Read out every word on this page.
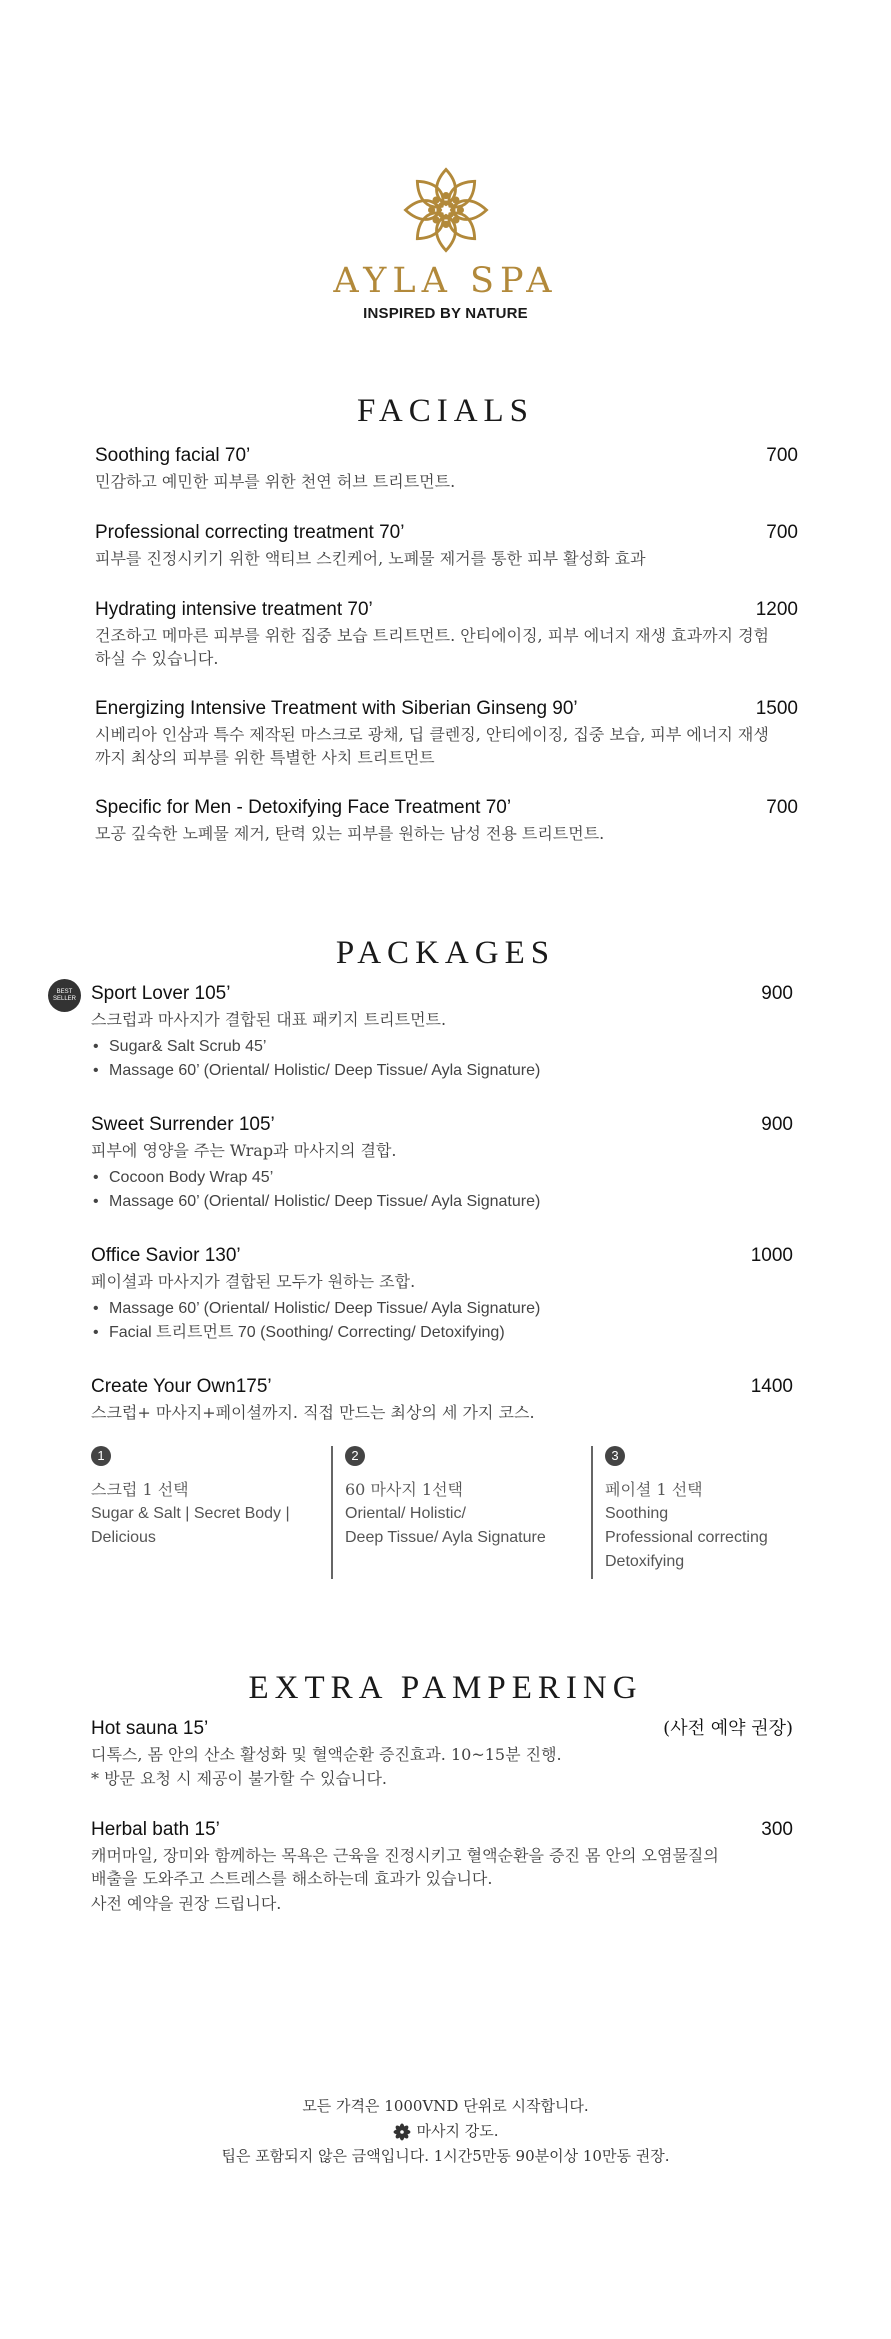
AYLA SPA
INSPIRED BY NATURE
FACIALS
Soothing facial 70’	700
민감하고 예민한 피부를 위한 천연 허브 트리트먼트.
Professional correcting treatment 70’	700
피부를 진정시키기 위한 액티브 스킨케어, 노폐물 제거를 통한 피부 활성화 효과
Hydrating intensive treatment 70’	1200
건조하고 메마른 피부를 위한 집중 보습 트리트먼트. 안티에이징, 피부 에너지 재생 효과까지 경험하실 수 있습니다.
Energizing Intensive Treatment with Siberian Ginseng 90’	1500
시베리아 인삼과 특수 제작된 마스크로 광채, 딥 클렌징, 안티에이징, 집중 보습, 피부 에너지 재생까지 최상의 피부를 위한 특별한 사치 트리트먼트
Specific for Men - Detoxifying Face Treatment 70’	700
모공 깊숙한 노폐물 제거, 탄력 있는 피부를 원하는 남성 전용 트리트먼트.
PACKAGES
BEST
SELLER Sport Lover 105’	900
스크럽과 마사지가 결합된 대표 패키지 트리트먼트.
• Sugar& Salt Scrub 45’
• Massage 60’ (Oriental/ Holistic/ Deep Tissue/ Ayla Signature)
Sweet Surrender 105’	900
피부에 영양을 주는 Wrap과 마사지의 결합.
• Cocoon Body Wrap 45’
• Massage 60’ (Oriental/ Holistic/ Deep Tissue/ Ayla Signature)
Office Savior 130’	1000
페이셜과 마사지가 결합된 모두가 원하는 조합.
• Massage 60’ (Oriental/ Holistic/ Deep Tissue/ Ayla Signature)
• Facial 트리트먼트 70 (Soothing/ Correcting/ Detoxifying)
Create Your Own175’	1400
스크럽+ 마사지+페이셜까지. 직접 만드는 최상의 세 가지 코스.
1
스크럽 1 선택
Sugar & Salt | Secret Body |
Delicious
2
60 마사지 1선택
Oriental/ Holistic/
Deep Tissue/ Ayla Signature
3
페이셜 1 선택
Soothing
Professional correcting
Detoxifying
EXTRA PAMPERING
Hot sauna 15’	(사전 예약 권장)
디톡스, 몸 안의 산소 활성화 및 혈액순환 증진효과. 10~15분 진행.
* 방문 요청 시 제공이 불가할 수 있습니다.
Herbal bath 15’	300
캐머마일, 장미와 함께하는 목욕은 근육을 진정시키고 혈액순환을 증진 몸 안의 오염물질의 배출을 도와주고 스트레스를 해소하는데 효과가 있습니다.
사전 예약을 권장 드립니다.
모든 가격은 1000VND 단위로 시작합니다.
마사지 강도.
팁은 포함되지 않은 금액입니다. 1시간5만동 90분이상 10만동 권장.
